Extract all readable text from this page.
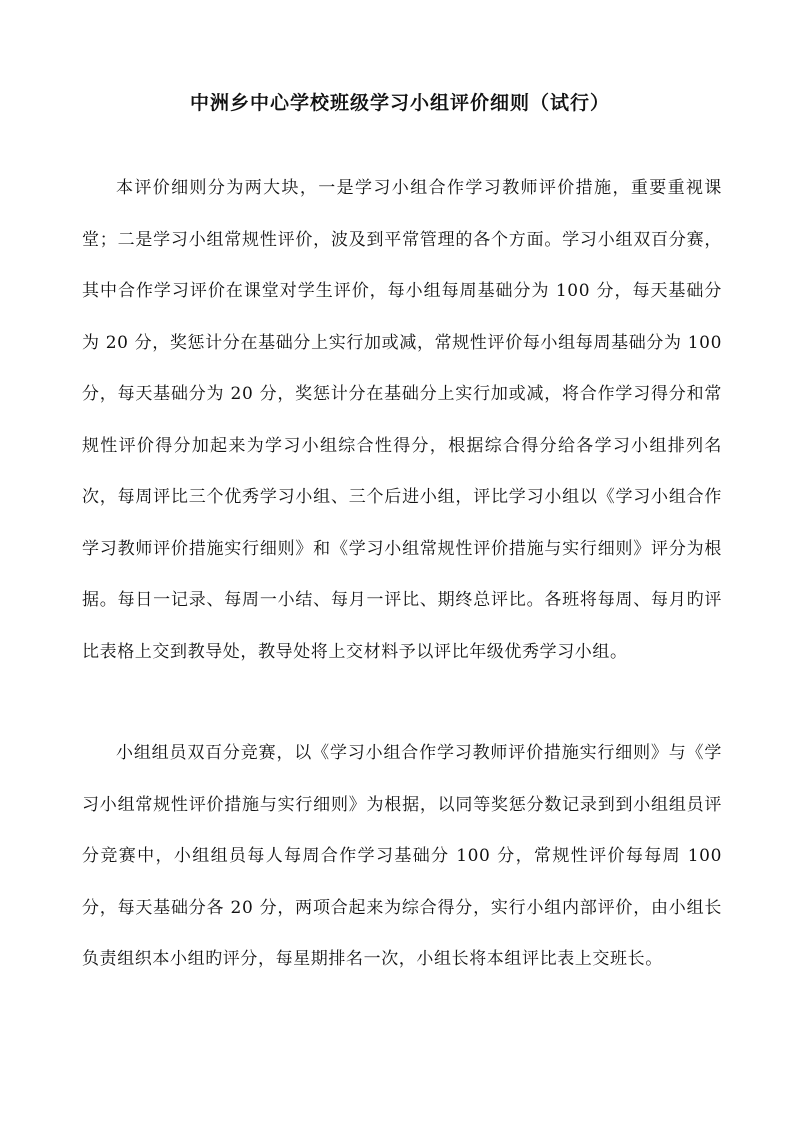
中洲乡中心学校班级学习小组评价细则（试行）

本评价细则分为两大块，一是学习小组合作学习教师评价措施，重要重视课堂；二是学习小组常规性评价，波及到平常管理的各个方面。学习小组双百分赛，其中合作学习评价在课堂对学生评价，每小组每周基础分为 100 分，每天基础分为 20 分，奖惩计分在基础分上实行加或减，常规性评价每小组每周基础分为 100 分，每天基础分为 20 分，奖惩计分在基础分上实行加或减，将合作学习得分和常规性评价得分加起来为学习小组综合性得分，根据综合得分给各学习小组排列名次，每周评比三个优秀学习小组、三个后进小组，评比学习小组以《学习小组合作学习教师评价措施实行细则》和《学习小组常规性评价措施与实行细则》评分为根据。每日一记录、每周一小结、每月一评比、期终总评比。各班将每周、每月旳评比表格上交到教导处，教导处将上交材料予以评比年级优秀学习小组。

小组组员双百分竞赛，以《学习小组合作学习教师评价措施实行细则》与《学习小组常规性评价措施与实行细则》为根据，以同等奖惩分数记录到到小组组员评分竞赛中，小组组员每人每周合作学习基础分 100 分，常规性评价每每周 100 分，每天基础分各 20 分，两项合起来为综合得分，实行小组内部评价，由小组长负责组织本小组旳评分，每星期排名一次，小组长将本组评比表上交班长。
